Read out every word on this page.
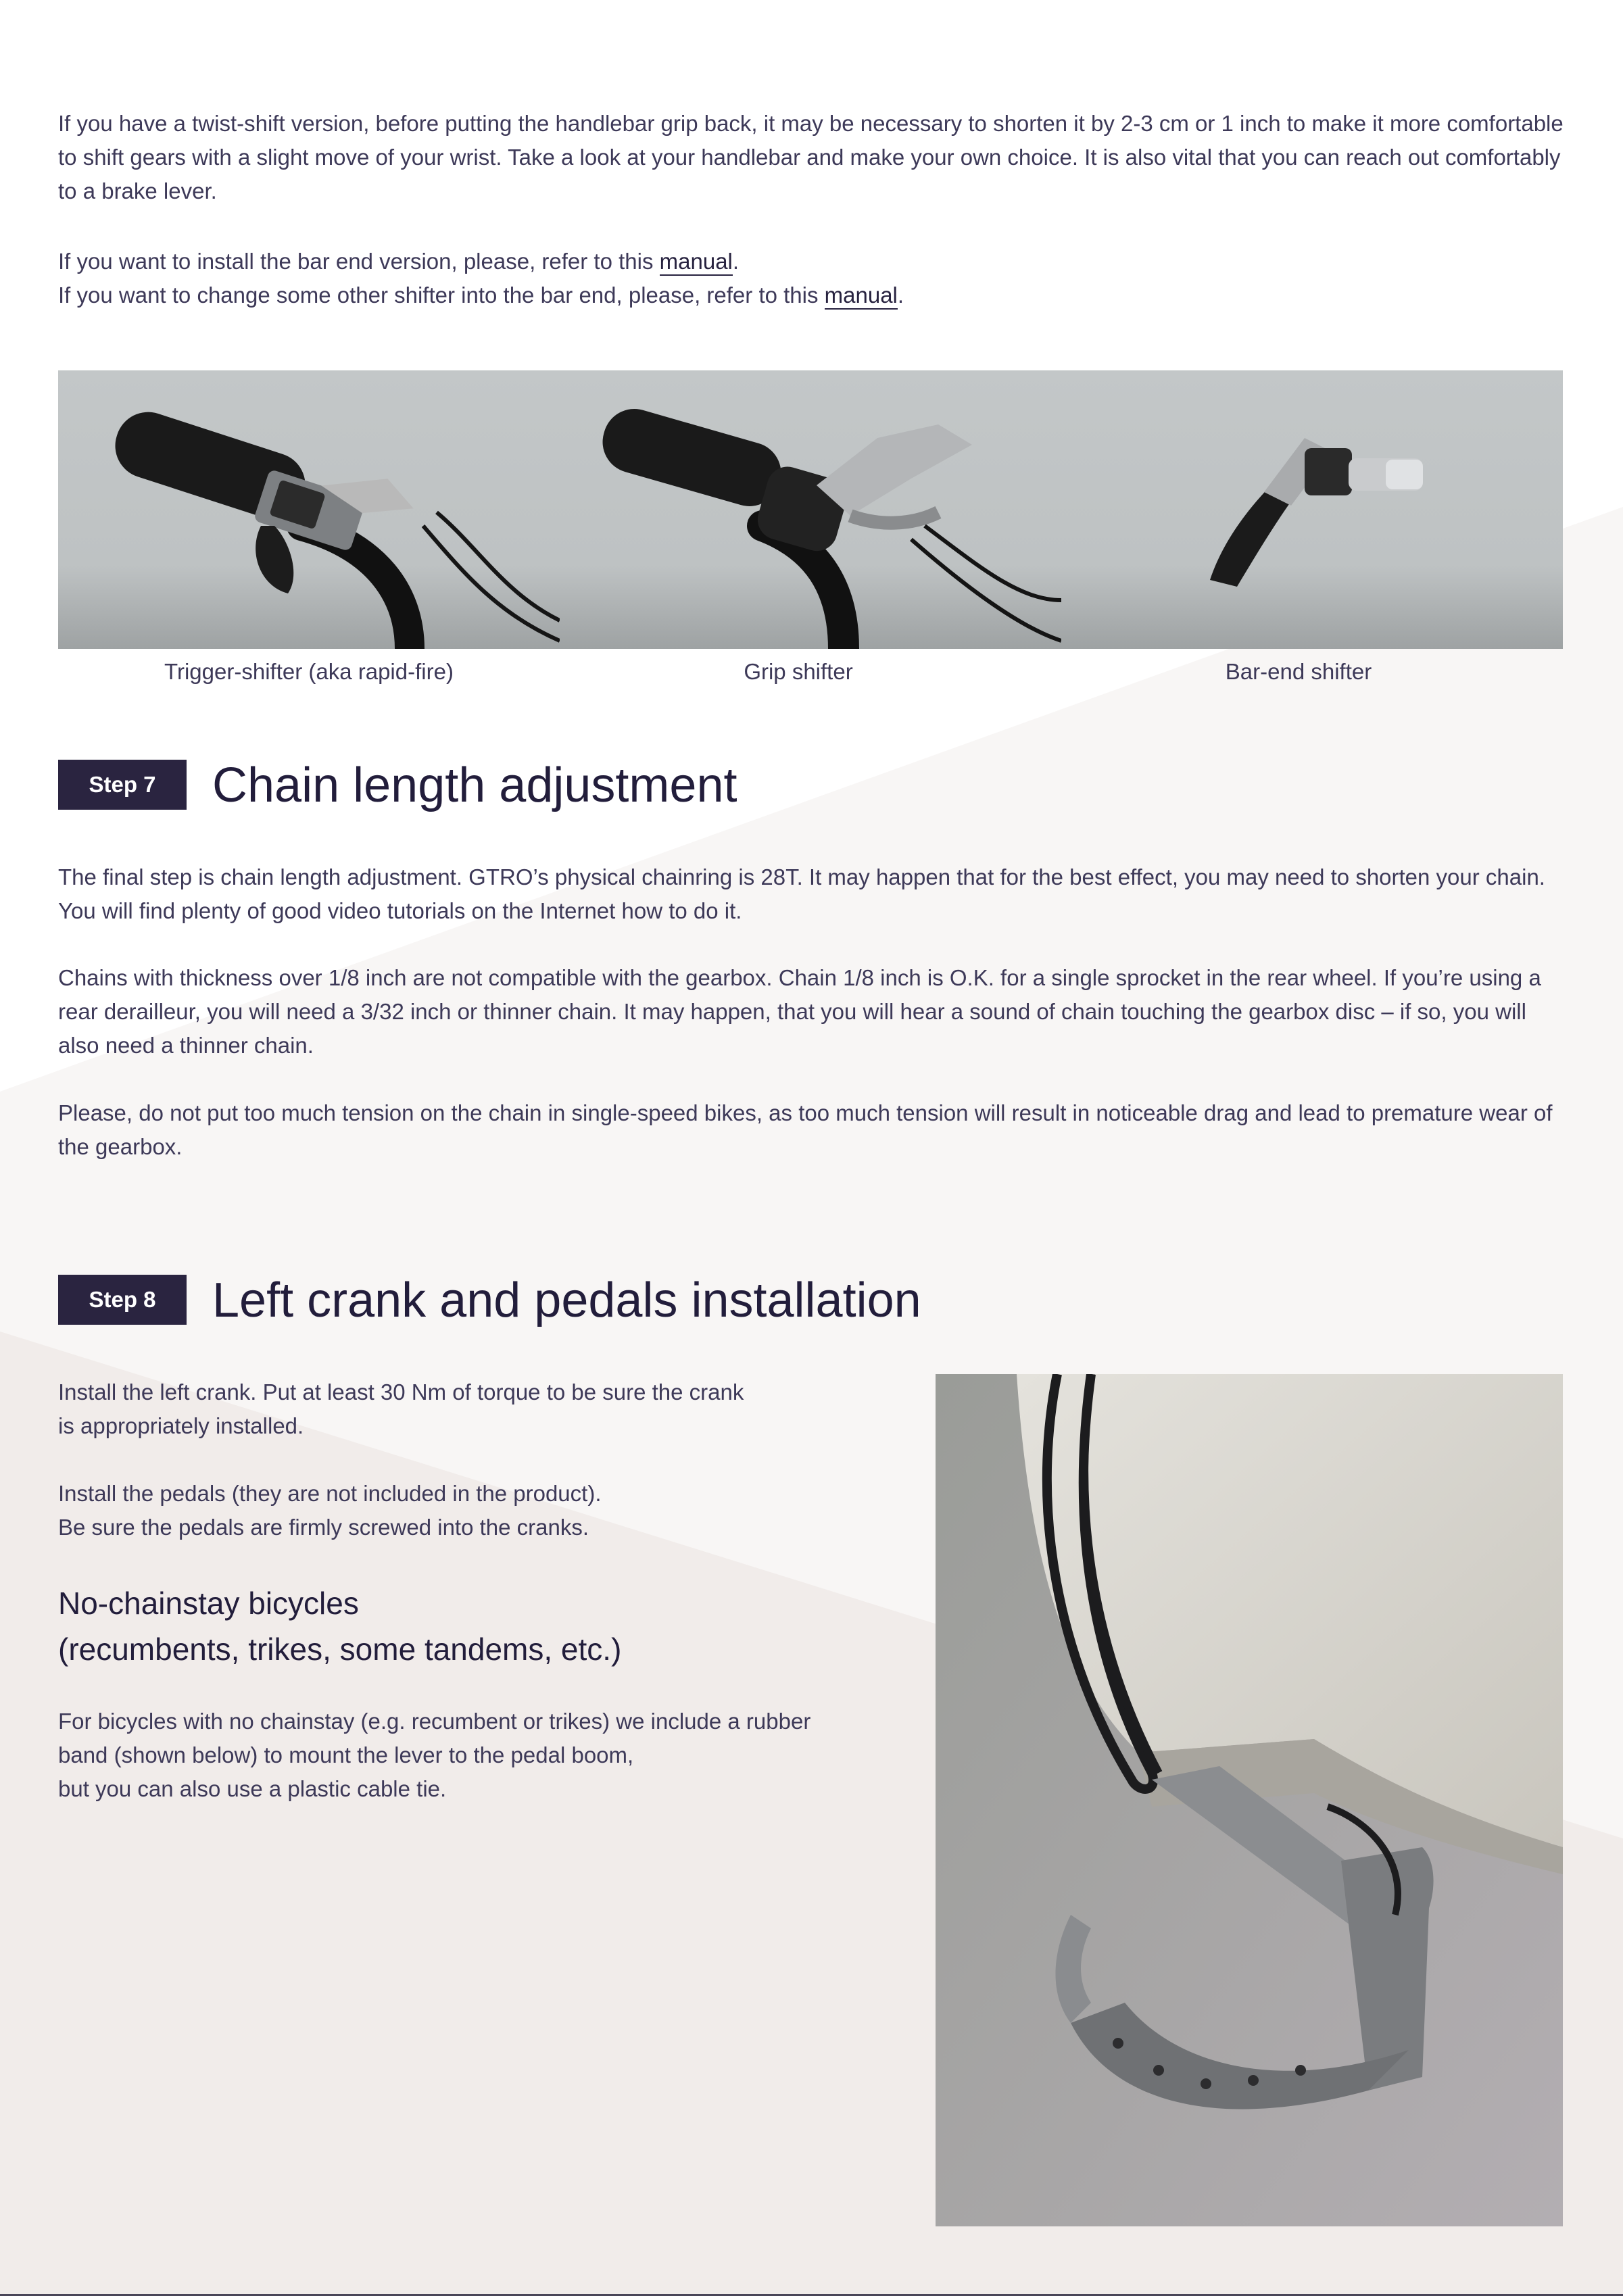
If you have a twist-shift version, before putting the handlebar grip back, it may be necessary to shorten it by 2-3 cm or 1 inch to make it more comfortable to shift gears with a slight move of your wrist. Take a look at your handlebar and make your own choice. It is also vital that you can reach out comfortably to a brake lever.

If you want to install the bar end version, please, refer to this manual.

If you want to change some other shifter into the bar end, please, refer to this manual.

Trigger-shifter (aka rapid-fire)	Grip shifter	Bar-end shifter
Step 7	Chain length adjustment

The final step is chain length adjustment. GTRO’s physical chainring is 28T. It may happen that for the best effect, you may need to shorten your chain. You will find plenty of good video tutorials on the Internet how to do it.

Chains with thickness over 1/8 inch are not compatible with the gearbox. Chain 1/8 inch is O.K. for a single sprocket in the rear wheel. If you’re using a rear derailleur, you will need a 3/32 inch or thinner chain. It may happen, that you will hear a sound of chain touching the gearbox disc – if so, you will also need a thinner chain.

Please, do not put too much tension on the chain in single-speed bikes, as too much tension will result in noticeable drag and lead to premature wear of the gearbox.

Step 8	Left crank and pedals installation

Install the left crank. Put at least 30 Nm of torque to be sure the crank
is appropriately installed.

Install the pedals (they are not included in the product).
Be sure the pedals are firmly screwed into the cranks.

No-chainstay bicycles
(recumbents, trikes, some tandems, etc.)

For bicycles with no chainstay (e.g. recumbent or trikes) we include a rubber
band (shown below) to mount the lever to the pedal boom,
but you can also use a plastic cable tie.
